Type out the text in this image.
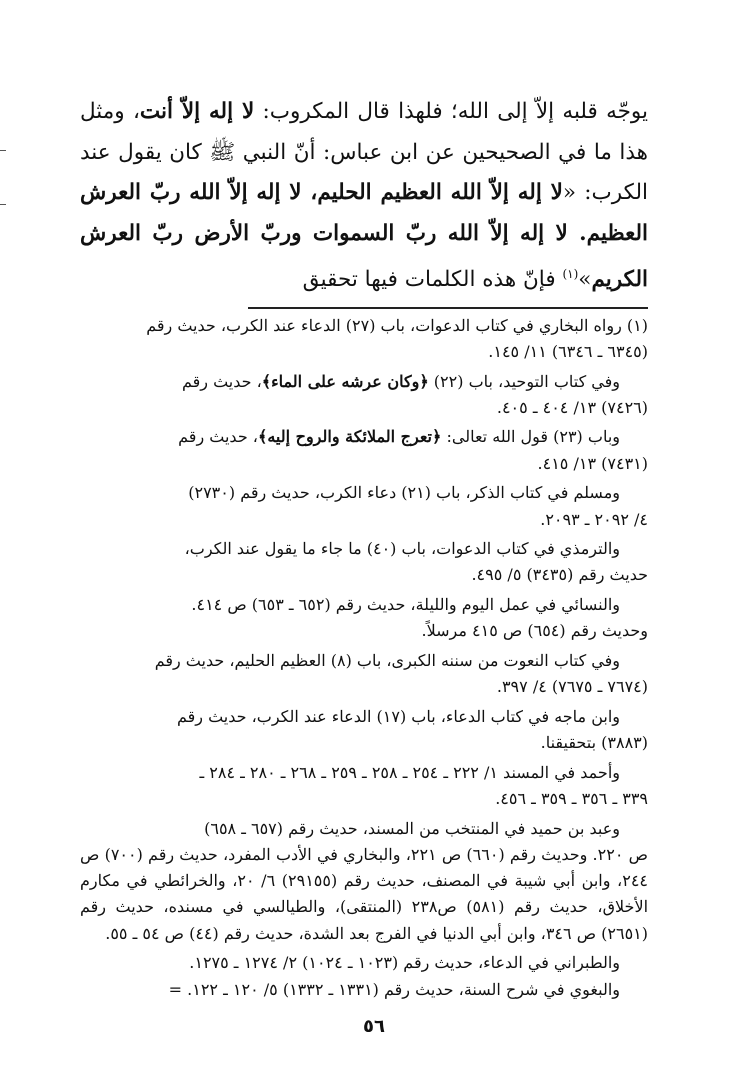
يوجّه قلبه إلاّ إلى الله؛ فلهذا قال المكروب: لا إله إلاّ أنت، ومثل هذا ما في الصحيحين عن ابن عباس: أنّ النبي ﷺ كان يقول عند الكرب: «لا إله إلاّ الله العظيم الحليم، لا إله إلاّ الله ربّ العرش العظيم. لا إله إلاّ الله ربّ السموات وربّ الأرض ربّ العرش الكريم»$^{(١)}$ فإنّ هذه الكلمات فيها تحقيق

(١) رواه البخاري في كتاب الدعوات، باب (٢٧) الدعاء عند الكرب، حديث رقم
(٦٣٤٥ ـ ٦٣٤٦) ١١/ ١٤٥.

وفي كتاب التوحيد، باب (٢٢) ﴿وكان عرشه على الماء﴾، حديث رقم
(٧٤٢٦) ١٣/ ٤٠٤ ـ ٤٠٥.

وباب (٢٣) قول الله تعالى: ﴿تعرج الملائكة والروح إليه﴾، حديث رقم
(٧٤٣١) ١٣/ ٤١٥.

ومسلم في كتاب الذكر، باب (٢١) دعاء الكرب، حديث رقم (٢٧٣٠)
٤/ ٢٠٩٢ ـ ٢٠٩٣.

والترمذي في كتاب الدعوات، باب (٤٠) ما جاء ما يقول عند الكرب،
حديث رقم (٣٤٣٥) ٥/ ٤٩٥.

والنسائي في عمل اليوم والليلة، حديث رقم (٦٥٢ ـ ٦٥٣) ص ٤١٤.
وحديث رقم (٦٥٤) ص ٤١٥ مرسلاً.

وفي كتاب النعوت من سننه الكبرى، باب (٨) العظيم الحليم، حديث رقم
(٧٦٧٤ ـ ٧٦٧٥) ٤/ ٣٩٧.

وابن ماجه في كتاب الدعاء، باب (١٧) الدعاء عند الكرب، حديث رقم
(٣٨٨٣) بتحقيقنا.

وأحمد في المسند ١/ ٢٢٢ ـ ٢٥٤ ـ ٢٥٨ ـ ٢٥٩ ـ ٢٦٨ ـ ٢٨٠ ـ ٢٨٤ ـ
٣٣٩ ـ ٣٥٦ ـ ٣٥٩ ـ ٤٥٦.

وعبد بن حميد في المنتخب من المسند، حديث رقم (٦٥٧ ـ ٦٥٨)
ص ٢٢٠. وحديث رقم (٦٦٠) ص ٢٢١، والبخاري في الأدب المفرد، حديث رقم (٧٠٠) ص ٢٤٤، وابن أبي شيبة في المصنف، حديث رقم (٢٩١٥٥) ٦/ ٢٠، والخرائطي في مكارم الأخلاق، حديث رقم (٥٨١) ص٢٣٨ (المنتقى)، والطيالسي في مسنده، حديث رقم (٢٦٥١) ص ٣٤٦، وابن أبي الدنيا في الفرج بعد الشدة، حديث رقم (٤٤) ص ٥٤ ـ ٥٥.

والطبراني في الدعاء، حديث رقم (١٠٢٣ ـ ١٠٢٤) ٢/ ١٢٧٤ ـ ١٢٧٥.

والبغوي في شرح السنة، حديث رقم (١٣٣١ ـ ١٣٣٢) ٥/ ١٢٠ ـ ١٢٢. =

٥٦
